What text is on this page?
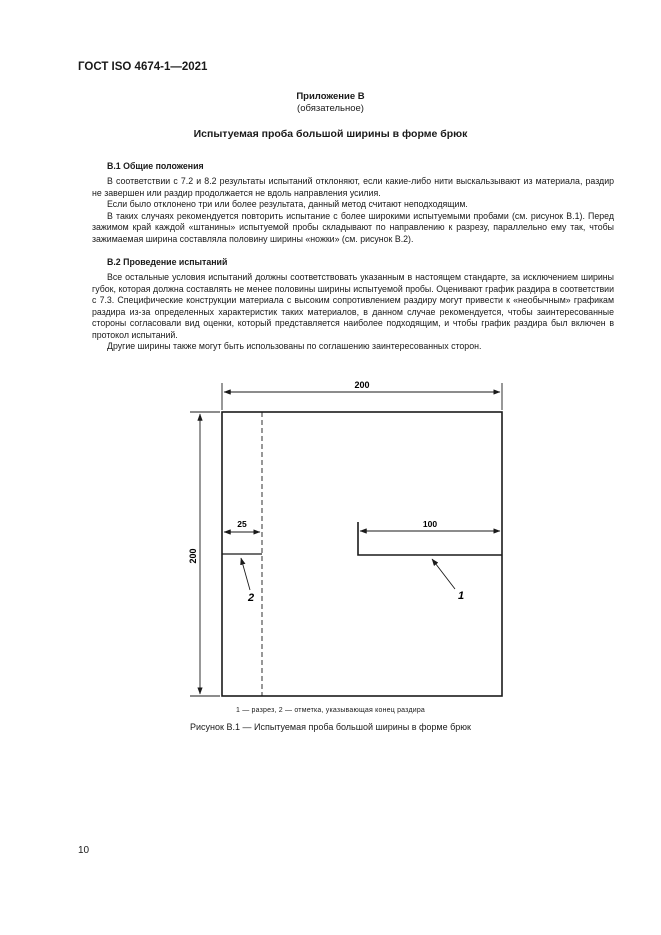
ГОСТ ISO 4674-1—2021
Приложение В
(обязательное)
Испытуемая проба большой ширины в форме брюк
В.1 Общие положения

В соответствии с 7.2 и 8.2 результаты испытаний отклоняют, если какие-либо нити выскальзывают из материала, раздир не завершен или раздир продолжается не вдоль направления усилия.

Если было отклонено три или более результата, данный метод считают неподходящим.

В таких случаях рекомендуется повторить испытание с более широкими испытуемыми пробами (см. рисунок В.1). Перед зажимом край каждой «штанины» испытуемой пробы складывают по направлению к разрезу, параллельно ему так, чтобы зажимаемая ширина составляла половину ширины «ножки» (см. рисунок В.2).

В.2 Проведение испытаний

Все остальные условия испытаний должны соответствовать указанным в настоящем стандарте, за исключением ширины губок, которая должна составлять не менее половины ширины испытуемой пробы. Оценивают график раздира в соответствии с 7.3. Специфические конструкции материала с высоким сопротивлением раздиру могут привести к «необычным» графикам раздира из-за определенных характеристик таких материалов, в данном случае рекомендуется, чтобы заинтересованные стороны согласовали вид оценки, который представляется наиболее подходящим, и чтобы график раздира был включен в протокол испытаний.

Другие ширины также могут быть использованы по соглашению заинтересованных сторон.

200
200
25
2
100
1
1 — разрез, 2 — отметка, указывающая конец раздира
Рисунок В.1 — Испытуемая проба большой ширины в форме брюк
10
